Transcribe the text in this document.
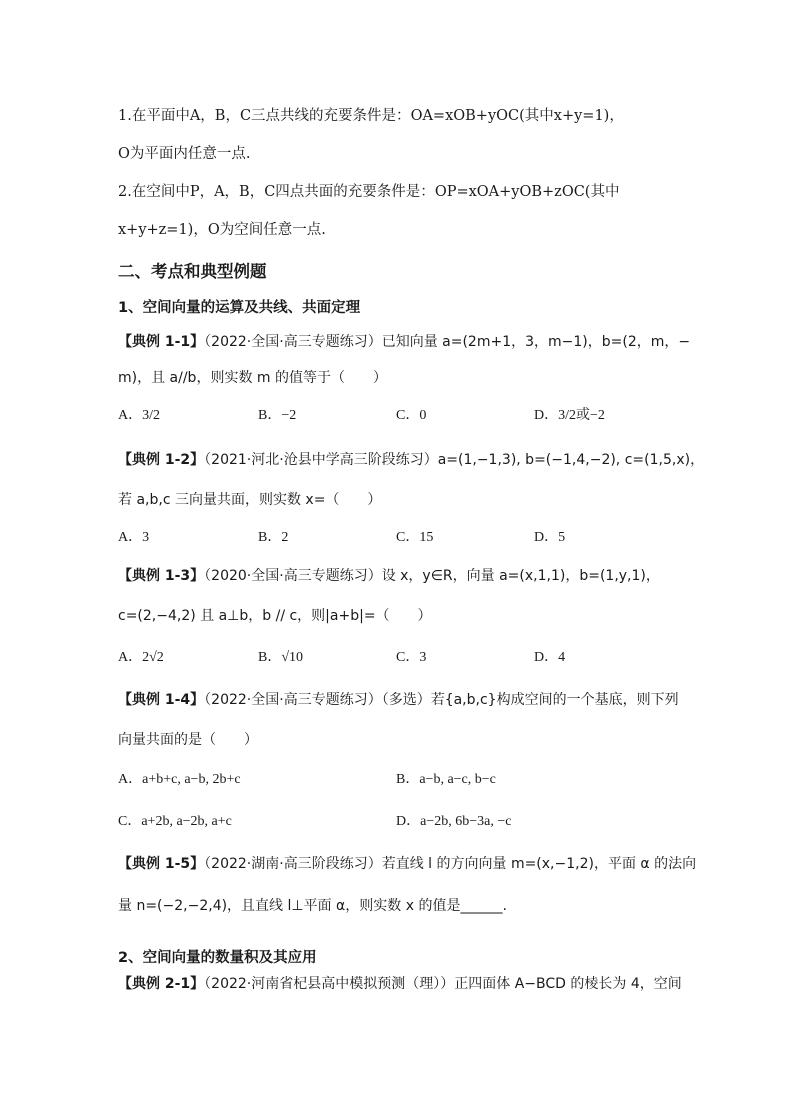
1.在平面中A，B，C三点共线的充要条件是：OA=xOB+yOC(其中x+y=1)，
O为平面内任意一点.
2.在空间中P，A，B，C四点共面的充要条件是：OP=xOA+yOB+zOC(其中
x+y+z=1)，O为空间任意一点.
二、考点和典型例题
1、空间向量的运算及共线、共面定理
【典例 1-1】（2022·全国·高三专题练习）已知向量 a=(2m+1，3，m−1)，b=(2，m，−
m)，且 a//b，则实数 m 的值等于（　　）
A．3/2	B．−2	C．0	D．3/2或−2
【典例 1-2】（2021·河北·沧县中学高三阶段练习）a=(1,−1,3), b=(−1,4,−2), c=(1,5,x)，
若 a,b,c 三向量共面，则实数 x=（　　）
A．3	B．2	C．15	D．5
【典例 1-3】（2020·全国·高三专题练习）设 x，y∈R，向量 a=(x,1,1)，b=(1,y,1)，
c=(2,−4,2) 且 a⊥b，b // c，则|a+b|=（　　）
A．2√2	B．√10	C．3	D．4
【典例 1-4】（2022·全国·高三专题练习）（多选）若{a,b,c}构成空间的一个基底，则下列
向量共面的是（　　）
A．a+b+c, a−b, 2b+c	B．a−b, a−c, b−c
C．a+2b, a−2b, a+c	D．a−2b, 6b−3a, −c
【典例 1-5】（2022·湖南·高三阶段练习）若直线 l 的方向向量 m=(x,−1,2)，平面 α 的法向
量 n=(−2,−2,4)，且直线 l⊥平面 α，则实数 x 的值是______.
2、空间向量的数量积及其应用
【典例 2-1】（2022·河南省杞县高中模拟预测（理））正四面体 A−BCD 的棱长为 4，空间
